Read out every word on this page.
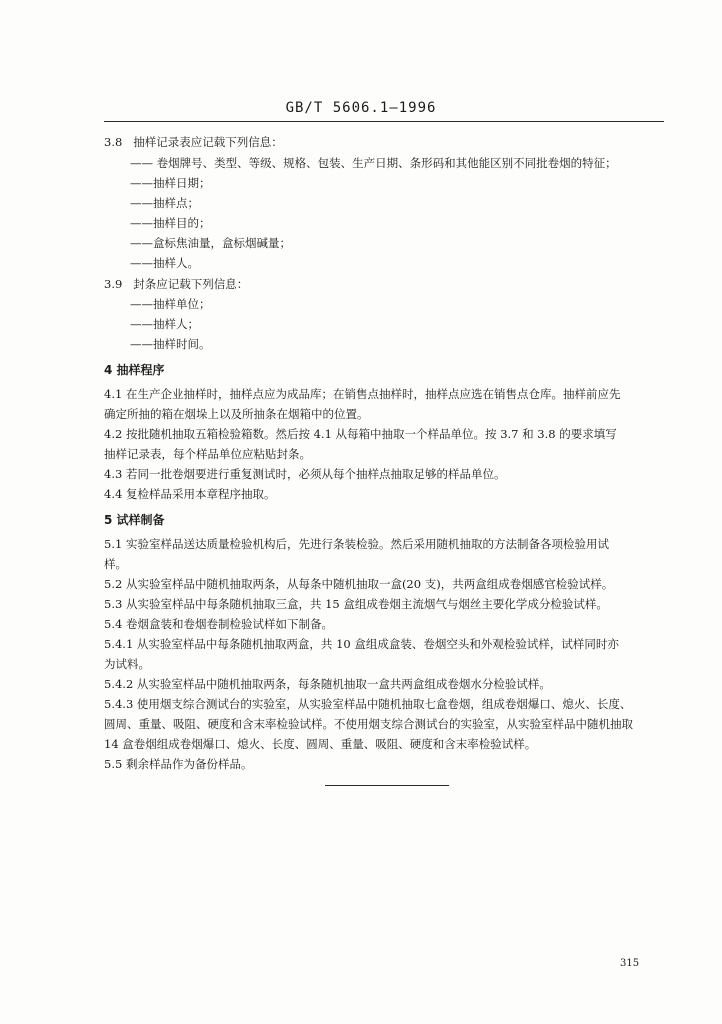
GB/T 5606.1—1996
3.8 抽样记录表应记载下列信息：
—— 卷烟牌号、类型、等级、规格、包装、生产日期、条形码和其他能区别不同批卷烟的特征；
——抽样日期；
——抽样点；
——抽样目的；
——盒标焦油量，盒标烟碱量；
——抽样人。
3.9 封条应记载下列信息：
——抽样单位；
——抽样人；
——抽样时间。
4 抽样程序
4.1 在生产企业抽样时，抽样点应为成品库；在销售点抽样时，抽样点应选在销售点仓库。抽样前应先
确定所抽的箱在烟垛上以及所抽条在烟箱中的位置。
4.2 按批随机抽取五箱检验箱数。然后按 4.1 从每箱中抽取一个样品单位。按 3.7 和 3.8 的要求填写
抽样记录表，每个样品单位应粘贴封条。
4.3 若同一批卷烟要进行重复测试时，必须从每个抽样点抽取足够的样品单位。
4.4 复检样品采用本章程序抽取。
5 试样制备
5.1 实验室样品送达质量检验机构后，先进行条装检验。然后采用随机抽取的方法制备各项检验用试
样。
5.2 从实验室样品中随机抽取两条，从每条中随机抽取一盒(20 支)，共两盒组成卷烟感官检验试样。
5.3 从实验室样品中每条随机抽取三盒，共 15 盒组成卷烟主流烟气与烟丝主要化学成分检验试样。
5.4 卷烟盒装和卷烟卷制检验试样如下制备。
5.4.1 从实验室样品中每条随机抽取两盒，共 10 盒组成盒装、卷烟空头和外观检验试样，试样同时亦
为试料。
5.4.2 从实验室样品中随机抽取两条，每条随机抽取一盒共两盒组成卷烟水分检验试样。
5.4.3 使用烟支综合测试台的实验室，从实验室样品中随机抽取七盒卷烟，组成卷烟爆口、熄火、长度、
圆周、重量、吸阻、硬度和含末率检验试样。不使用烟支综合测试台的实验室，从实验室样品中随机抽取
14 盒卷烟组成卷烟爆口、熄火、长度、圆周、重量、吸阻、硬度和含末率检验试样。
5.5 剩余样品作为备份样品。
315
